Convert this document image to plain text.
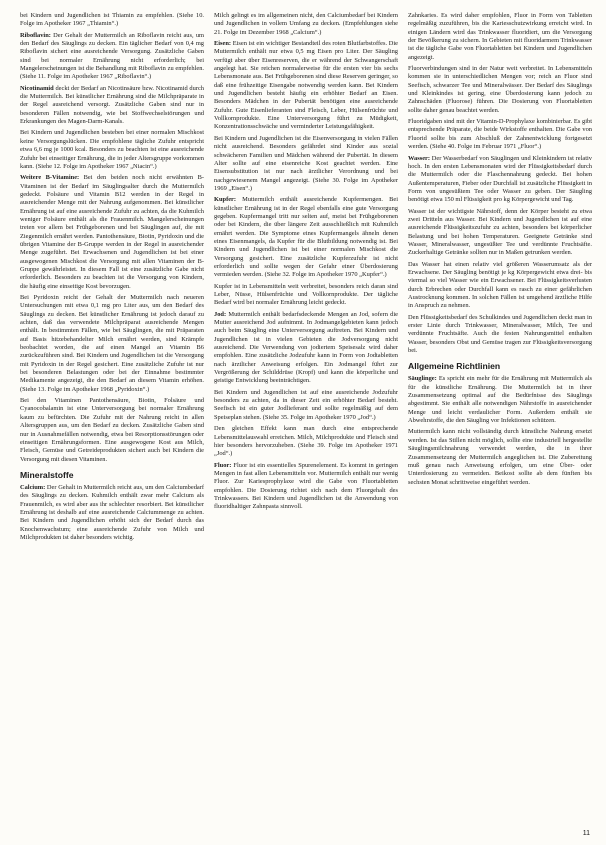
bei Kindern und Jugendlichen ist Thiamin zu empfehlen. (Siehe 10. Folge im Apotheker 1967 „Thiamin“.)

Riboflavin: Der Gehalt der Muttermilch an Riboflavin reicht aus, um den Bedarf des Säuglings zu decken. Ein täglicher Bedarf von 0,4 mg Riboflavin sichert eine ausreichende Versorgung. Zusätzliche Gaben sind bei normaler Ernährung nicht erforderlich; bei Mangelerscheinungen ist die Behandlung mit Riboflavin zu empfehlen. (Siehe 11. Folge im Apotheker 1967 „Riboflavin“.)

Nicotinamid deckt der Bedarf an Nicotinsäure bzw. Nicotinamid durch die Muttermilch. Bei künstlicher Ernährung sind die Milchpräparate in der Regel ausreichend versorgt. Zusätzliche Gaben sind nur in besonderen Fällen notwendig, wie bei Stoffwechselstörungen und Erkrankungen des Magen-Darm-Kanals.

Bei Kindern und Jugendlichen besteben bei einer normalen Mischkost keine Versorgungslücken. Die empfohlene tägliche Zufuhr entspricht etwa 6,6 mg je 1000 kcal. Besonders zu beachten ist eine ausreichende Zufuhr bei einseitiger Ernährung, die in jeder Altersgruppe vorkommen kann. (Siehe 12. Folge im Apotheker 1967 „Niacin“.)

Weitere B-Vitamine: Bei den beiden noch nicht erwähnten B-Vitaminen ist der Bedarf im Säuglingsalter durch die Muttermilch gedeckt. Folsäure und Vitamin B12 werden in der Regel in ausreichender Menge mit der Nahrung aufgenommen. Bei künstlicher Ernährung ist auf eine ausreichende Zufuhr zu achten, da die Kuhmilch weniger Folsäure enthält als die Frauenmilch. Mangelerscheinungen treten vor allem bei Frühgeborenen und bei Säuglingen auf, die mit Ziegenmilch ernährt werden. Pantothensäure, Biotin, Pyridoxin und die übrigen Vitamine der B-Gruppe werden in der Regel in ausreichender Menge zugeführt. Bei Erwachsenen und Jugendlichen ist bei einer ausgewogenen Mischkost die Versorgung mit allen Vitaminen der B-Gruppe gewährleistet. In diesem Fall ist eine zusätzliche Gabe nicht erforderlich. Besonders zu beachten ist die Versorgung von Kindern, die häufig eine einseitige Kost bevorzugen.

Bei Pyridoxin reicht der Gehalt der Muttermilch nach neueren Untersuchungen mit etwa 0,1 mg pro Liter aus, um den Bedarf des Säuglings zu decken. Bei künstlicher Ernährung ist jedoch darauf zu achten, daß das verwendete Milchpräparat ausreichende Mengen enthält. In bestimmten Fällen, wie bei Säuglingen, die mit Präparaten auf Basis hitzebehandelter Milch ernährt werden, sind Krämpfe beobachtet worden, die auf einen Mangel an Vitamin B6 zurückzuführen sind. Bei Kindern und Jugendlichen ist die Versorgung mit Pyridoxin in der Regel gesichert. Eine zusätzliche Zufuhr ist nur bei besonderen Belastungen oder bei der Einnahme bestimmter Medikamente angezeigt, die den Bedarf an diesem Vitamin erhöhen. (Siehe 13. Folge im Apotheker 1968 „Pyridoxin“.)

Bei den Vitaminen Pantothensäure, Biotin, Folsäure und Cyanocobalamin ist eine Unterversorgung bei normaler Ernährung kaum zu befürchten. Die Zufuhr mit der Nahrung reicht in allen Altersgruppen aus, um den Bedarf zu decken. Zusätzliche Gaben sind nur in Ausnahmefällen notwendig, etwa bei Resorptionsstörungen oder einseitigen Ernährungsformen. Eine ausgewogene Kost aus Milch, Fleisch, Gemüse und Getreideprodukten sichert auch bei Kindern die Versorgung mit diesen Vitaminen.

Mineralstoffe

Calcium: Der Gehalt in Muttermilch reicht aus, um den Calciumbedarf des Säuglings zu decken. Kuhmilch enthält zwar mehr Calcium als Frauenmilch, es wird aber aus ihr schlechter resorbiert. Bei künstlicher Ernährung ist deshalb auf eine ausreichende Calciummenge zu achten. Bei Kindern und Jugendlichen erhöht sich der Bedarf durch das Knochenwachstum; eine ausreichende Zufuhr von Milch und Milchprodukten ist daher besonders wichtig.

Milch gelingt es im allgemeinen nicht, den Calciumbedarf bei Kindern und Jugendlichen in vollem Umfang zu decken. (Empfehlungen siehe 21. Folge im Dezember 1968 „Calcium“.)

Eisen: Eisen ist ein wichtiger Bestandteil des roten Blutfarbstoffes. Die Muttermilch enthält nur etwa 0,5 mg Eisen pro Liter. Der Säugling verfügt aber über Eisenreserven, die er während der Schwangerschaft angelegt hat. Sie reichen normalerweise für die ersten vier bis sechs Lebensmonate aus. Bei Frühgeborenen sind diese Reserven geringer, so daß eine frühzeitige Eisengabe notwendig werden kann. Bei Kindern und Jugendlichen besteht häufig ein erhöhter Bedarf an Eisen. Besonders Mädchen in der Pubertät benötigen eine ausreichende Zufuhr. Gute Eisenlieferanten sind Fleisch, Leber, Hülsenfrüchte und Vollkornprodukte. Eine Unterversorgung führt zu Müdigkeit, Konzentrationsschwäche und verminderter Leistungsfähigkeit.

Bei Kindern und Jugendlichen ist die Eisenversorgung in vielen Fällen nicht ausreichend. Besonders gefährdet sind Kinder aus sozial schwächeren Familien und Mädchen während der Pubertät. In diesem Alter sollte auf eine eisenreiche Kost geachtet werden. Eine Eisensubstitution ist nur nach ärztlicher Verordnung und bei nachgewiesenem Mangel angezeigt. (Siehe 30. Folge im Apotheker 1969 „Eisen“.)

Kupfer: Muttermilch enthält ausreichende Kupfermengen. Bei künstlicher Ernährung ist in der Regel ebenfalls eine gute Versorgung gegeben. Kupfermangel tritt nur selten auf, meist bei Frühgeborenen oder bei Kindern, die über längere Zeit ausschließlich mit Kuhmilch ernährt werden. Die Symptome eines Kupfermangels ähneln denen eines Eisenmangels, da Kupfer für die Blutbildung notwendig ist. Bei Kindern und Jugendlichen ist bei einer normalen Mischkost die Versorgung gesichert. Eine zusätzliche Kupferzufuhr ist nicht erforderlich und sollte wegen der Gefahr einer Überdosierung vermieden werden. (Siehe 32. Folge im Apotheker 1970 „Kupfer“.)

Kupfer ist in Lebensmitteln weit verbreitet, besonders reich daran sind Leber, Nüsse, Hülsenfrüchte und Vollkornprodukte. Der tägliche Bedarf wird bei normaler Ernährung leicht gedeckt.

Jod: Muttermilch enthält bedarfsdeckende Mengen an Jod, sofern die Mutter ausreichend Jod aufnimmt. In Jodmangelgebieten kann jedoch auch beim Säugling eine Unterversorgung auftreten. Bei Kindern und Jugendlichen ist in vielen Gebieten die Jodversorgung nicht ausreichend. Die Verwendung von jodiertem Speisesalz wird daher empfohlen. Eine zusätzliche Jodzufuhr kann in Form von Jodtabletten nach ärztlicher Anweisung erfolgen. Ein Jodmangel führt zur Vergrößerung der Schilddrüse (Kropf) und kann die körperliche und geistige Entwicklung beeinträchtigen.

Bei Kindern und Jugendlichen ist auf eine ausreichende Jodzufuhr besonders zu achten, da in dieser Zeit ein erhöhter Bedarf besteht. Seefisch ist ein guter Jodlieferant und sollte regelmäßig auf dem Speiseplan stehen. (Siehe 35. Folge im Apotheker 1970 „Jod“.)

Den gleichen Effekt kann man durch eine entsprechende Lebensmittelauswahl erreichen. Milch, Milchprodukte und Fleisch sind hier besonders hervorzuheben. (Siehe 39. Folge im Apotheker 1971 „Jod“.)

Fluor: Fluor ist ein essentielles Spurenelement. Es kommt in geringen Mengen in fast allen Lebensmitteln vor. Muttermilch enthält nur wenig Fluor. Zur Kariesprophylaxe wird die Gabe von Fluortabletten empfohlen. Die Dosierung richtet sich nach dem Fluorgehalt des Trinkwassers. Bei Kindern und Jugendlichen ist die Anwendung von fluoridhaltiger Zahnpasta sinnvoll.

Zahnkaries. Es wird daher empfohlen, Fluor in Form von Tabletten regelmäßig zuzuführen, bis die Kariesschutzwirkung erreicht wird. In einigen Ländern wird das Trinkwasser fluoridiert, um die Versorgung der Bevölkerung zu sichern. In Gebieten mit fluoridarmem Trinkwasser ist die tägliche Gabe von Fluortabletten bei Kindern und Jugendlichen angezeigt.

Fluorverbindungen sind in der Natur weit verbreitet. In Lebensmitteln kommen sie in unterschiedlichen Mengen vor; reich an Fluor sind Seefisch, schwarzer Tee und Mineralwässer. Der Bedarf des Säuglings und Kleinkindes ist gering, eine Überdosierung kann jedoch zu Zahnschäden (Fluorose) führen. Die Dosierung von Fluortabletten sollte daher genau beachtet werden.

Fluoridgaben sind mit der Vitamin-D-Prophylaxe kombinierbar. Es gibt entsprechende Präparate, die beide Wirkstoffe enthalten. Die Gabe von Fluorid sollte bis zum Abschluß der Zahnentwicklung fortgesetzt werden. (Siehe 40. Folge im Februar 1971 „Fluor“.)

Wasser: Der Wasserbedarf von Säuglingen und Kleinkindern ist relativ hoch. In den ersten Lebensmonaten wird der Flüssigkeitsbedarf durch die Muttermilch oder die Flaschennahrung gedeckt. Bei hohen Außentemperaturen, Fieber oder Durchfall ist zusätzliche Flüssigkeit in Form von ungesüßtem Tee oder Wasser zu geben. Der Säugling benötigt etwa 150 ml Flüssigkeit pro kg Körpergewicht und Tag.

Wasser ist der wichtigste Nährstoff, denn der Körper besteht zu etwa zwei Dritteln aus Wasser. Bei Kindern und Jugendlichen ist auf eine ausreichende Flüssigkeitszufuhr zu achten, besonders bei körperlicher Belastung und bei hohen Temperaturen. Geeignete Getränke sind Wasser, Mineralwasser, ungesüßter Tee und verdünnte Fruchtsäfte. Zuckerhaltige Getränke sollten nur in Maßen getrunken werden.

Das Wasser hat einen relativ viel größeren Wasserumsatz als der Erwachsene. Der Säugling benötigt je kg Körpergewicht etwa drei- bis viermal so viel Wasser wie ein Erwachsener. Bei Flüssigkeitsverlusten durch Erbrechen oder Durchfall kann es rasch zu einer gefährlichen Austrocknung kommen. In solchen Fällen ist umgehend ärztliche Hilfe in Anspruch zu nehmen.

Den Flüssigkeitsbedarf des Schulkindes und Jugendlichen deckt man in erster Linie durch Trinkwasser, Mineralwasser, Milch, Tee und verdünnte Fruchtsäfte. Auch die festen Nahrungsmittel enthalten Wasser, besonders Obst und Gemüse tragen zur Flüssigkeitsversorgung bei.

Allgemeine Richtlinien

Säuglinge: Es spricht ein mehr für die Ernährung mit Muttermilch als für die künstliche Ernährung. Die Muttermilch ist in ihrer Zusammensetzung optimal auf die Bedürfnisse des Säuglings abgestimmt. Sie enthält alle notwendigen Nährstoffe in ausreichender Menge und leicht verdaulicher Form. Außerdem enthält sie Abwehrstoffe, die den Säugling vor Infektionen schützen.

Muttermilch kann nicht vollständig durch künstliche Nahrung ersetzt werden. Ist das Stillen nicht möglich, sollte eine industriell hergestellte Säuglingsmilchnahrung verwendet werden, die in ihrer Zusammensetzung der Muttermilch angeglichen ist. Die Zubereitung muß genau nach Anweisung erfolgen, um eine Über- oder Unterdosierung zu vermeiden. Beikost sollte ab dem fünften bis sechsten Monat schrittweise eingeführt werden.

11
